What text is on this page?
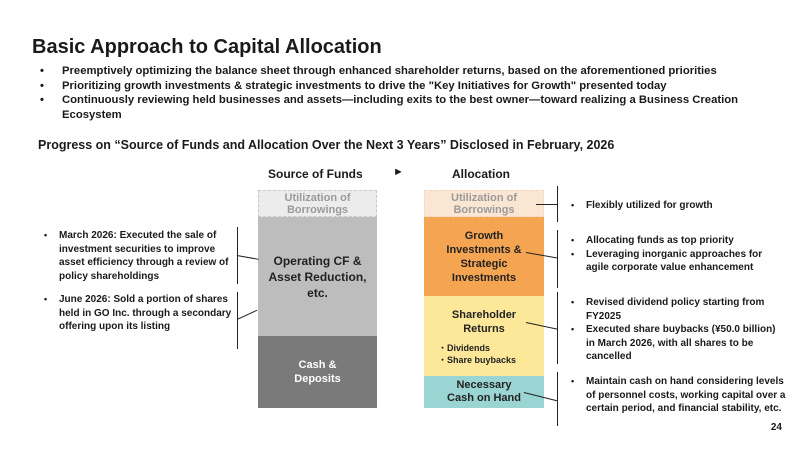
Basic Approach to Capital Allocation
• Preemptively optimizing the balance sheet through enhanced shareholder returns, based on the aforementioned priorities
• Prioritizing growth investments & strategic investments to drive the "Key Initiatives for Growth" presented today
• Continuously reviewing held businesses and assets—including exits to the best owner—toward realizing a Business Creation Ecosystem
Progress on “Source of Funds and Allocation Over the Next 3 Years” Disclosed in February, 2026
Source of Funds	►	Allocation
Utilization of Borrowings
Operating CF & Asset Reduction, etc.
Cash & Deposits
Utilization of Borrowings
Growth Investments & Strategic Investments
Shareholder Returns
・Dividends
・Share buybacks
Necessary Cash on Hand
• March 2026: Executed the sale of investment securities to improve asset efficiency through a review of policy shareholdings
• June 2026: Sold a portion of shares held in GO Inc. through a secondary offering upon its listing
• Flexibly utilized for growth
• Allocating funds as top priority
• Leveraging inorganic approaches for agile corporate value enhancement
• Revised dividend policy starting from FY2025
• Executed share buybacks (¥50.0 billion) in March 2026, with all shares to be cancelled
• Maintain cash on hand considering levels of personnel costs, working capital over a certain period, and financial stability, etc.
24
